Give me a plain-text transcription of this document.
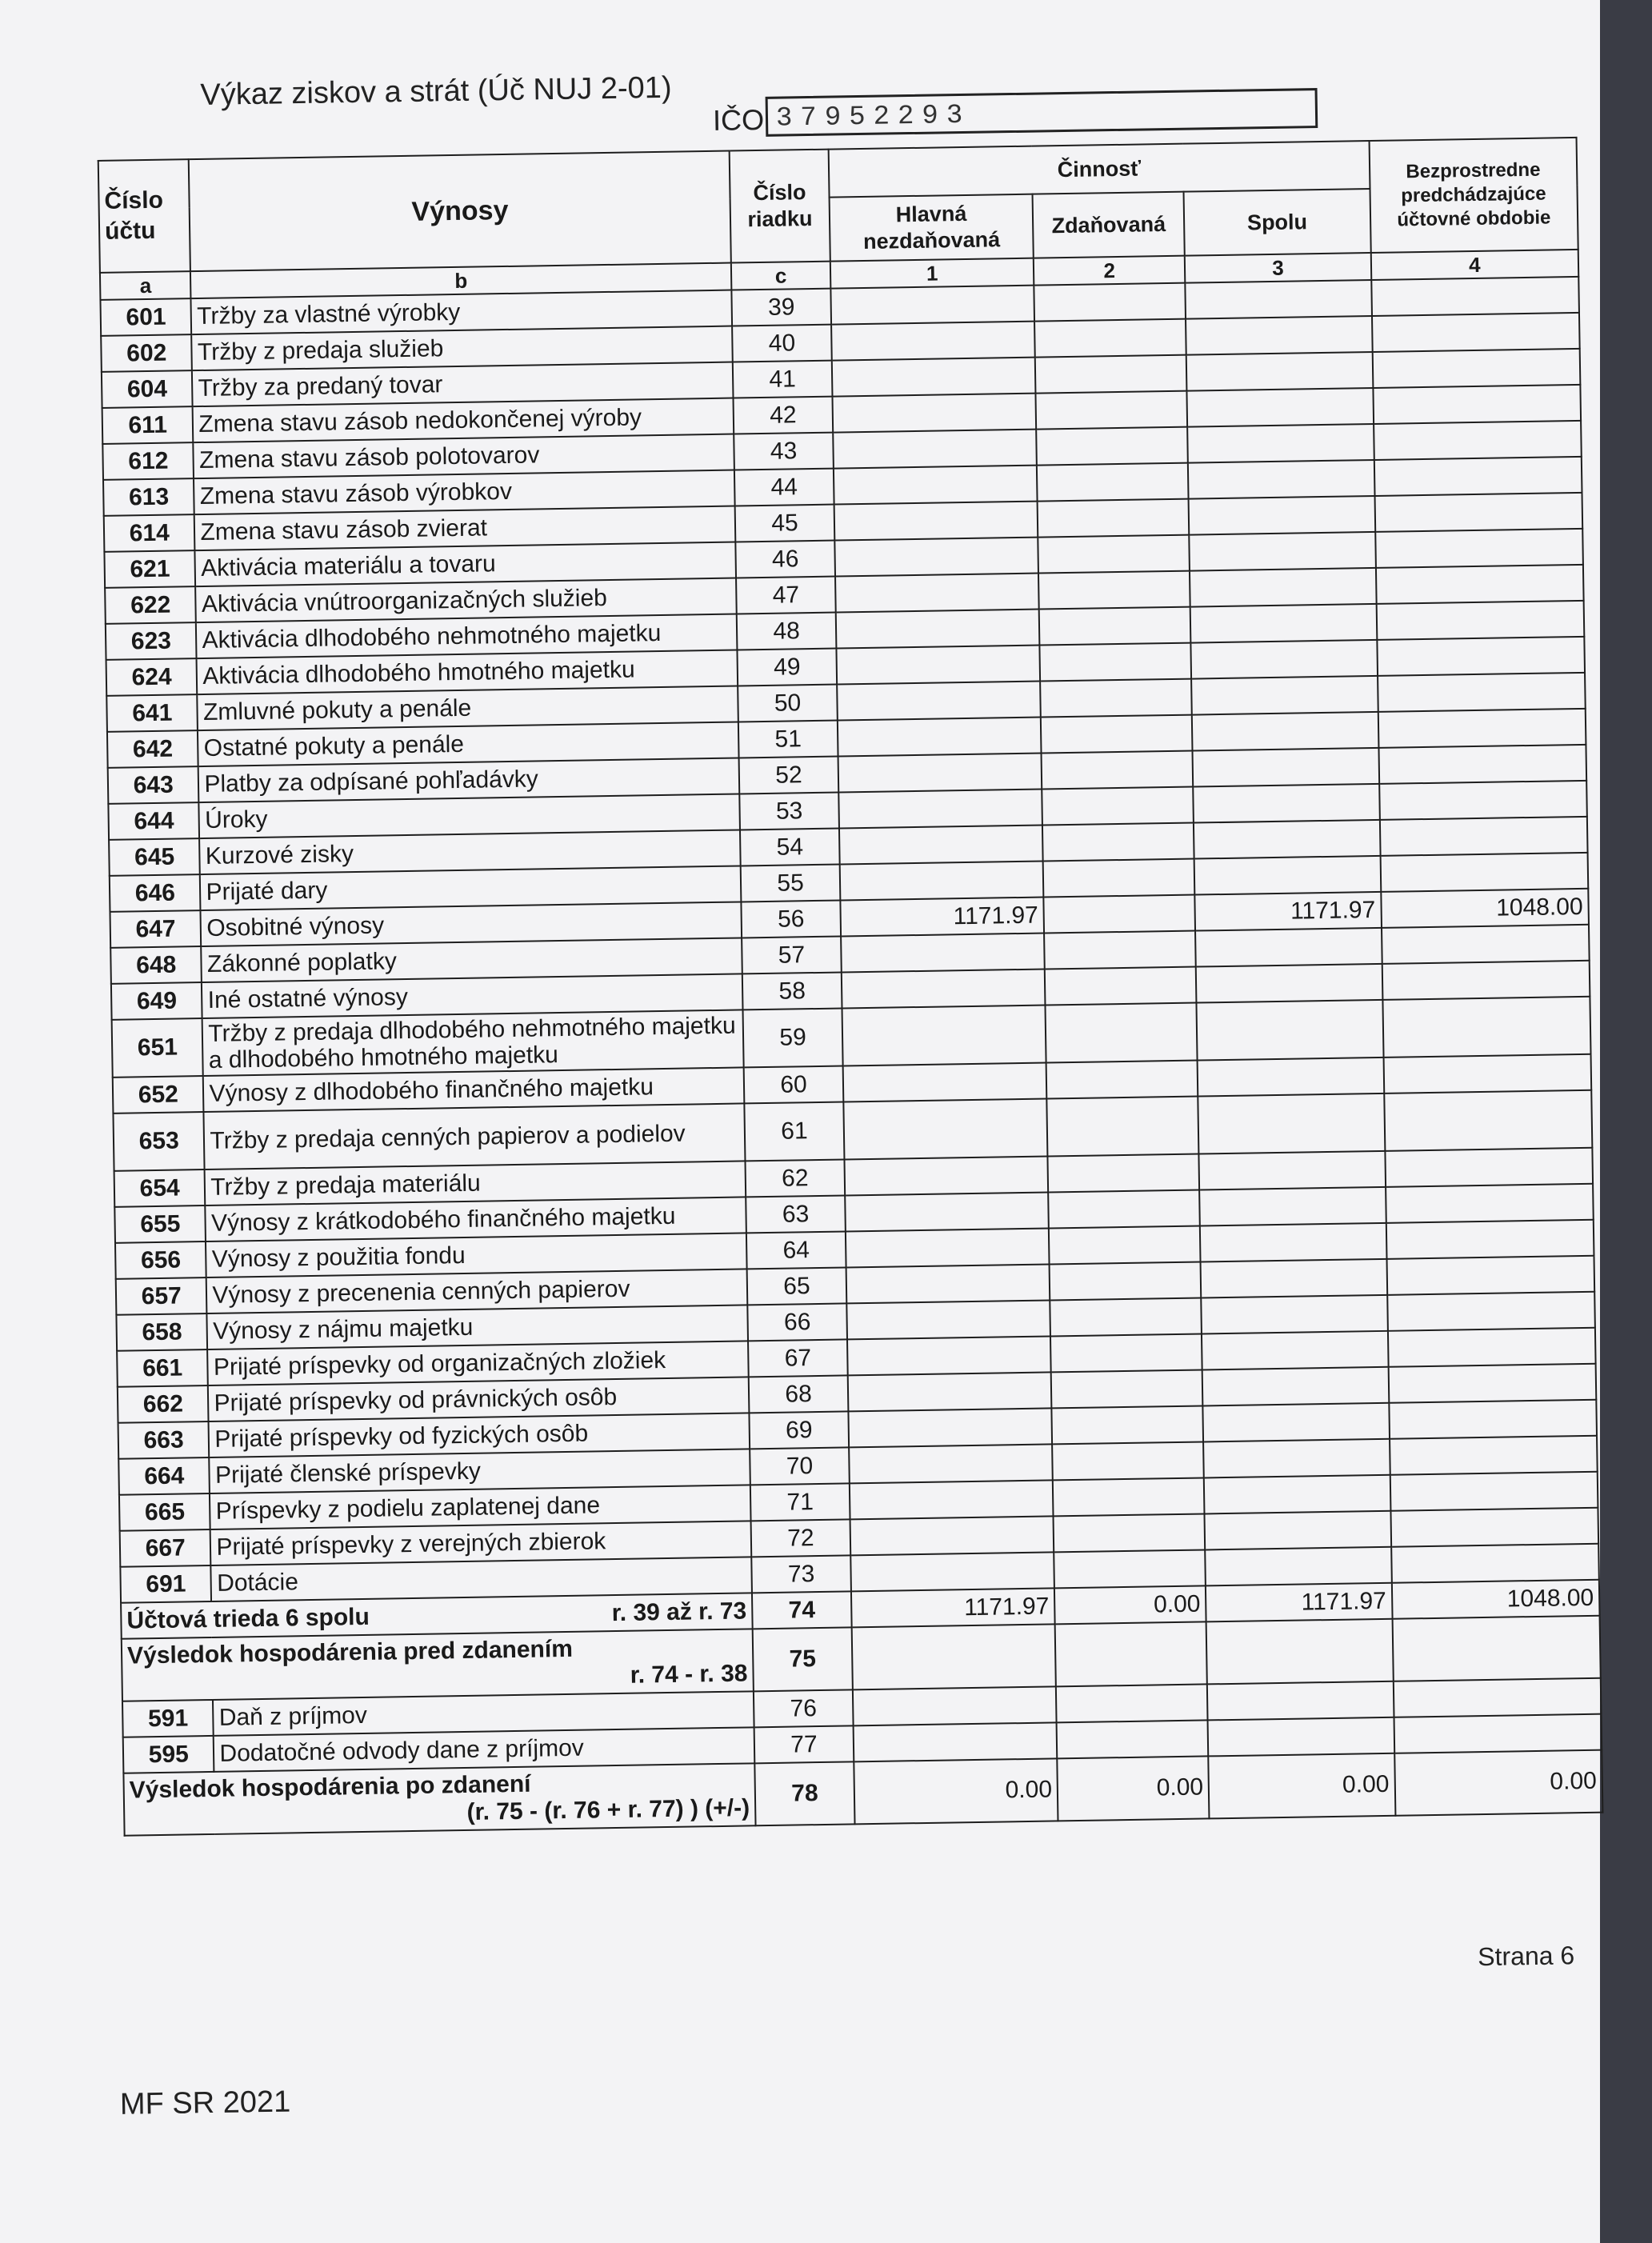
Výkaz ziskov a strát (Úč NUJ 2-01)
IČO 37952293
Číslo účtu	Výnosy	Číslo riadku	Činnosť			Bezprostredne predchádzajúce účtovné obdobie
			Hlavná nezdaňovaná	Zdaňovaná	Spolu	
a	b	c	1	2	3	4
601	Tržby za vlastné výrobky	39				
602	Tržby z predaja služieb	40				
604	Tržby za predaný tovar	41				
611	Zmena stavu zásob nedokončenej výroby	42				
612	Zmena stavu zásob polotovarov	43				
613	Zmena stavu zásob výrobkov	44				
614	Zmena stavu zásob zvierat	45				
621	Aktivácia materiálu a tovaru	46				
622	Aktivácia vnútroorganizačných služieb	47				
623	Aktivácia dlhodobého nehmotného majetku	48				
624	Aktivácia dlhodobého hmotného majetku	49				
641	Zmluvné pokuty a penále	50				
642	Ostatné pokuty a penále	51				
643	Platby za odpísané pohľadávky	52				
644	Úroky	53				
645	Kurzové zisky	54				
646	Prijaté dary	55				
647	Osobitné výnosy	56	1171.97		1171.97	1048.00
648	Zákonné poplatky	57				
649	Iné ostatné výnosy	58				
651	Tržby z predaja dlhodobého nehmotného majetku a dlhodobého hmotného majetku	59				
652	Výnosy z dlhodobého finančného majetku	60				
653	Tržby z predaja cenných papierov a podielov	61				
654	Tržby z predaja materiálu	62				
655	Výnosy z krátkodobého finančného majetku	63				
656	Výnosy z použitia fondu	64				
657	Výnosy z precenenia cenných papierov	65				
658	Výnosy z nájmu majetku	66				
661	Prijaté príspevky od organizačných zložiek	67				
662	Prijaté príspevky od právnických osôb	68				
663	Prijaté príspevky od fyzických osôb	69				
664	Prijaté členské príspevky	70				
665	Príspevky z podielu zaplatenej dane	71				
667	Prijaté príspevky z verejných zbierok	72				
691	Dotácie	73				
Účtová trieda 6 spolu r. 39 až r. 73		74	1171.97	0.00	1171.97	1048.00

Výsledok hospodárenia pred zdanením
r. 74 - r. 38		75				
591	Daň z príjmov	76				
595	Dodatočné odvody dane z príjmov	77				

Výsledok hospodárenia po zdanení
(r. 75 - (r. 76 + r. 77) ) (+/-)		78	0.00	0.00	0.00	0.00
Strana 6
MF SR 2021
